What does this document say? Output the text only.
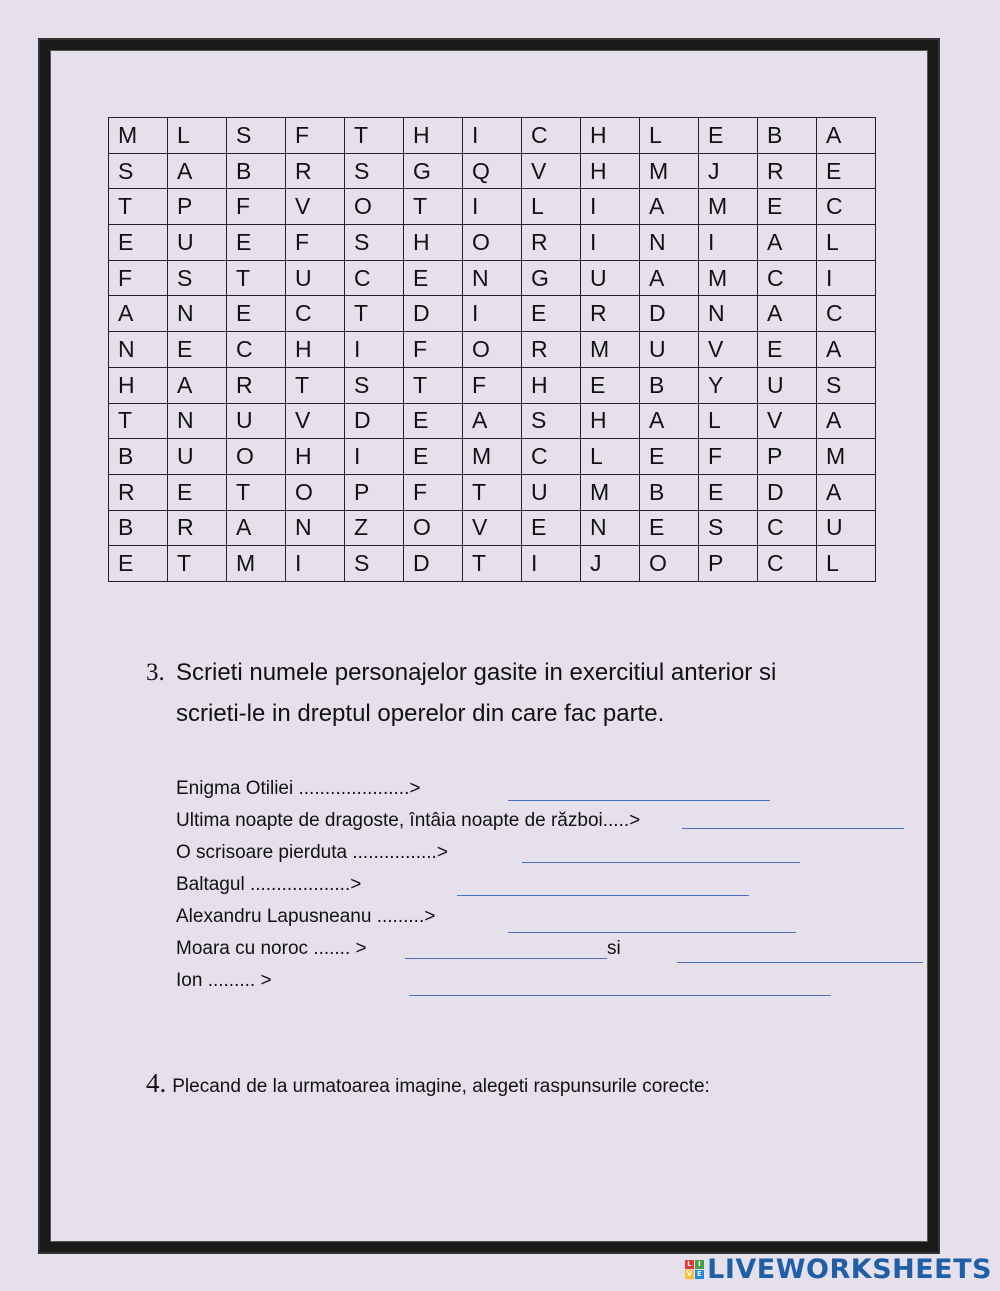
M	L	S	F	T	H	I	C	H	L	E	B	A
S	A	B	R	S	G	Q	V	H	M	J	R	E
T	P	F	V	O	T	I	L	I	A	M	E	C
E	U	E	F	S	H	O	R	I	N	I	A	L
F	S	T	U	C	E	N	G	U	A	M	C	I
A	N	E	C	T	D	I	E	R	D	N	A	C
N	E	C	H	I	F	O	R	M	U	V	E	A
H	A	R	T	S	T	F	H	E	B	Y	U	S
T	N	U	V	D	E	A	S	H	A	L	V	A
B	U	O	H	I	E	M	C	L	E	F	P	M
R	E	T	O	P	F	T	U	M	B	E	D	A
B	R	A	N	Z	O	V	E	N	E	S	C	U
E	T	M	I	S	D	T	I	J	O	P	C	L
3. Scrieti numele personajelor gasite in exercitiul anterior si
scrieti-le in dreptul operelor din care fac parte.
Enigma Otiliei .....................>
Ultima noapte de dragoste, întâia noapte de război.....>
O scrisoare pierduta ................>
Baltagul ...................>
Alexandru Lapusneanu .........>
Moara cu noroc ....... >	si
Ion ......... >
4. Plecand de la urmatoarea imagine, alegeti raspunsurile corecte:
L I
V E LIVEWORKSHEETS
